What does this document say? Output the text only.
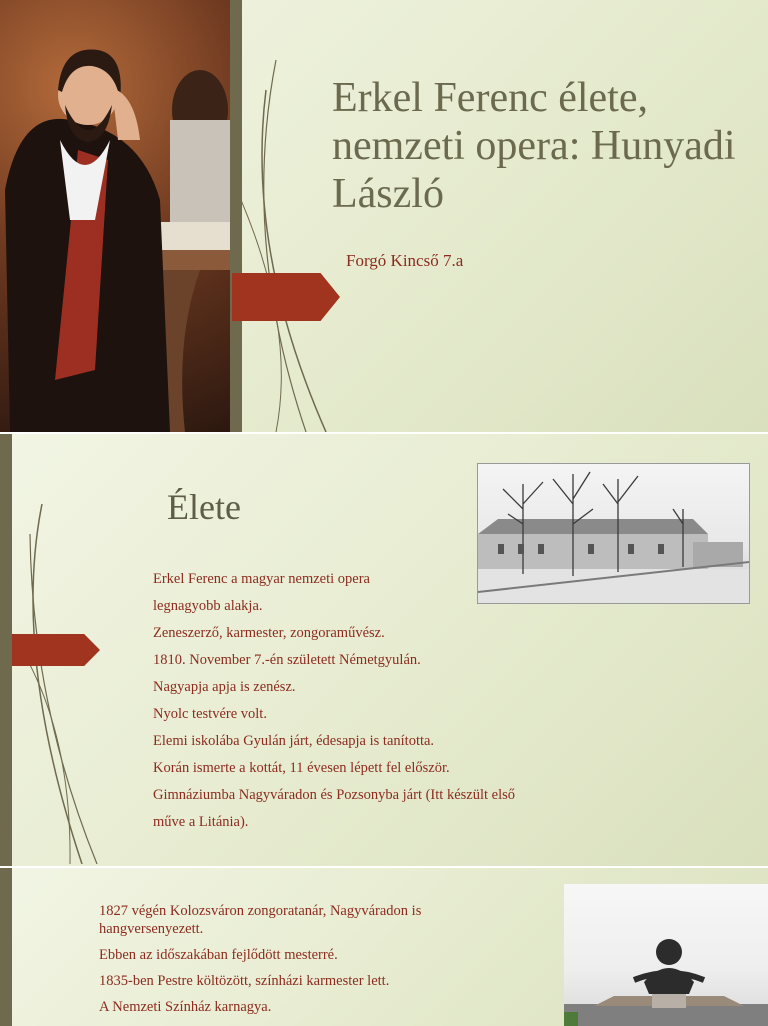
Erkel Ferenc élete, nemzeti opera: Hunyadi László
Forgó Kincső 7.a
Élete
Erkel Ferenc a magyar nemzeti opera
legnagyobb alakja.
Zeneszerző, karmester, zongoraművész.
1810. November 7.-én született Németgyulán.
Nagyapja apja is zenész.
Nyolc testvére volt.
Elemi iskolába Gyulán járt, édesapja is tanította.
Korán ismerte a kottát, 11 évesen lépett fel először.
Gimnáziumba Nagyváradon és Pozsonyba járt (Itt készült első
műve a Litánia).
1827 végén Kolozsváron zongoratanár, Nagyváradon is hangversenyezett.
Ebben az időszakában fejlődött mesterré.
1835-ben Pestre költözött, színházi karmester lett.
A Nemzeti Színház karnagya.
